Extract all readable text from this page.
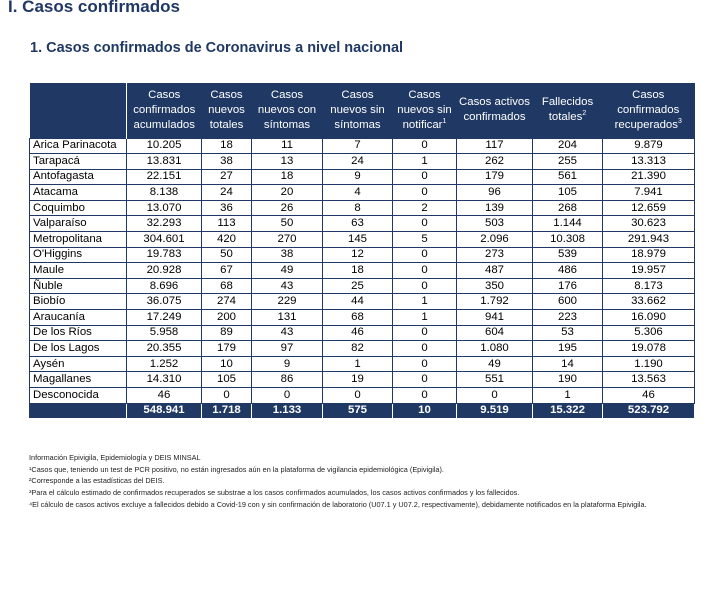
I. Casos confirmados
1. Casos confirmados de Coronavirus a nivel nacional
	Casos confirmados acumulados	Casos nuevos totales	Casos nuevos con síntomas	Casos nuevos sin síntomas	Casos nuevos sin notificar$^1$	Casos activos confirmados	Fallecidos totales$^2$	Casos confirmados recuperados$^3$
Arica Parinacota	10.205	18	11	7	0	117	204	9.879
Tarapacá	13.831	38	13	24	1	262	255	13.313
Antofagasta	22.151	27	18	9	0	179	561	21.390
Atacama	8.138	24	20	4	0	96	105	7.941
Coquimbo	13.070	36	26	8	2	139	268	12.659
Valparaíso	32.293	113	50	63	0	503	1.144	30.623
Metropolitana	304.601	420	270	145	5	2.096	10.308	291.943
O'Higgins	19.783	50	38	12	0	273	539	18.979
Maule	20.928	67	49	18	0	487	486	19.957
Ñuble	8.696	68	43	25	0	350	176	8.173
Biobío	36.075	274	229	44	1	1.792	600	33.662
Araucanía	17.249	200	131	68	1	941	223	16.090
De los Ríos	5.958	89	43	46	0	604	53	5.306
De los Lagos	20.355	179	97	82	0	1.080	195	19.078
Aysén	1.252	10	9	1	0	49	14	1.190
Magallanes	14.310	105	86	19	0	551	190	13.563
Desconocida	46	0	0	0	0	0	1	46
	548.941	1.718	1.133	575	10	9.519	15.322	523.792
Información Epivigila, Epidemiología y DEIS MINSAL
¹Casos que, teniendo un test de PCR positivo, no están ingresados aún en la plataforma de vigilancia epidemiológica (Epivigila).
²Corresponde a las estadísticas del DEIS.
³Para el cálculo estimado de confirmados recuperados se substrae a los casos confirmados acumulados, los casos activos confirmados y los fallecidos.
⁴El cálculo de casos activos excluye a fallecidos debido a Covid-19 con y sin confirmación de laboratorio (U07.1 y U07.2, respectivamente), debidamente notificados en la plataforma Epivigila.
